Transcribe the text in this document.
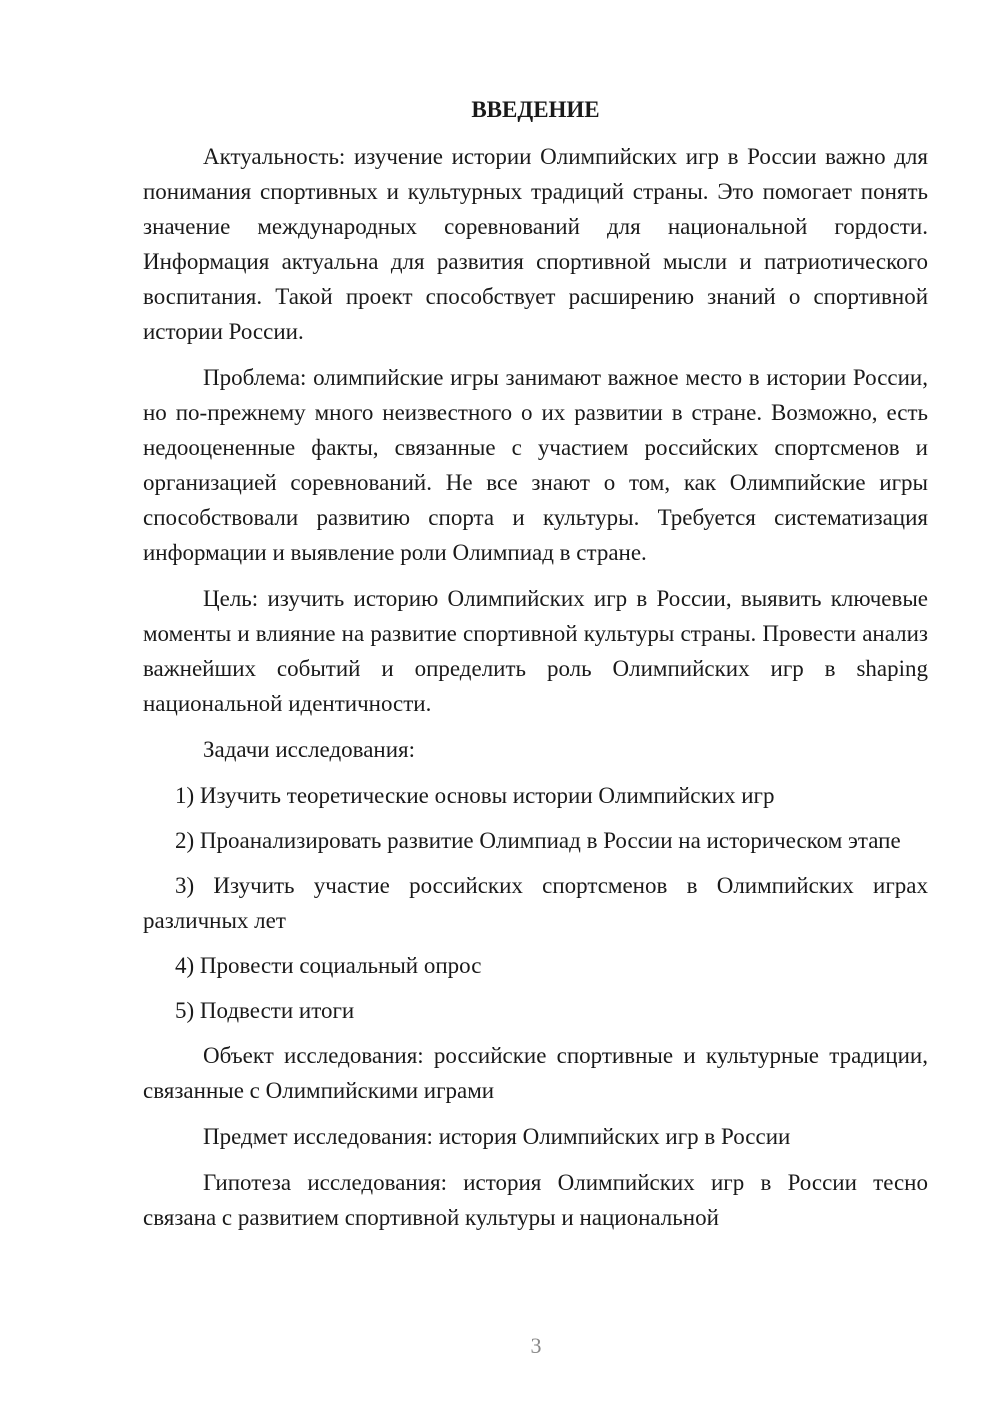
ВВЕДЕНИЕ

Актуальность: изучение истории Олимпийских игр в России важно для понимания спортивных и культурных традиций страны. Это помогает понять значение международных соревнований для национальной гордости. Информация актуальна для развития спортивной мысли и патриотического воспитания. Такой проект способствует расширению знаний о спортивной истории России.

Проблема: олимпийские игры занимают важное место в истории России, но по-прежнему много неизвестного о их развитии в стране. Возможно, есть недооцененные факты, связанные с участием российских спортсменов и организацией соревнований. Не все знают о том, как Олимпийские игры способствовали развитию спорта и культуры. Требуется систематизация информации и выявление роли Олимпиад в стране.

Цель: изучить историю Олимпийских игр в России, выявить ключевые моменты и влияние на развитие спортивной культуры страны. Провести анализ важнейших событий и определить роль Олимпийских игр в shaping национальной идентичности.

Задачи исследования:

1) Изучить теоретические основы истории Олимпийских игр

2) Проанализировать развитие Олимпиад в России на историческом этапе

3) Изучить участие российских спортсменов в Олимпийских играх различных лет

4) Провести социальный опрос

5) Подвести итоги

Объект исследования: российские спортивные и культурные традиции, связанные с Олимпийскими играми

Предмет исследования: история Олимпийских игр в России

Гипотеза исследования: история Олимпийских игр в России тесно связана с развитием спортивной культуры и национальной

3
